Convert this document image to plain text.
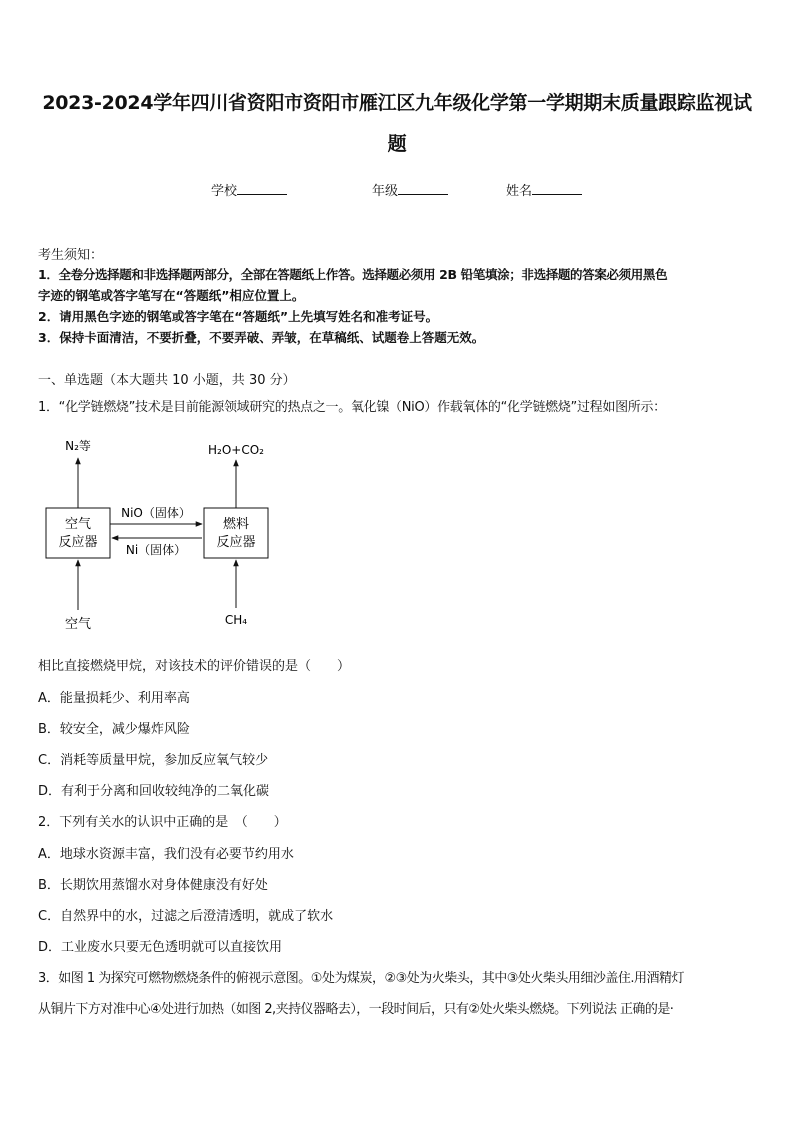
2023-2024学年四川省资阳市资阳市雁江区九年级化学第一学期期末质量跟踪监视试
题
学校	年级	姓名
考生须知：
1．全卷分选择题和非选择题两部分，全部在答题纸上作答。选择题必须用 2B 铅笔填涂；非选择题的答案必须用黑色
字迹的钢笔或答字笔写在“答题纸”相应位置上。
2．请用黑色字迹的钢笔或答字笔在“答题纸”上先填写姓名和准考证号。
3．保持卡面清洁，不要折叠，不要弄破、弄皱，在草稿纸、试题卷上答题无效。
一、单选题（本大题共 10 小题，共 30 分）
1．“化学链燃烧”技术是目前能源领域研究的热点之一。氧化镍（NiO）作载氧体的“化学链燃烧”过程如图所示：
空气
反应器
燃料
反应器
N₂等	H₂O+CO₂
NiO（固体）
Ni（固体）
空气	CH₄
相比直接燃烧甲烷，对该技术的评价错误的是（　　）
A．能量损耗少、利用率高
B．较安全，减少爆炸风险
C．消耗等质量甲烷，参加反应氧气较少
D．有利于分离和回收较纯净的二氧化碳
2．下列有关水的认识中正确的是　（　　）
A．地球水资源丰富，我们没有必要节约用水
B．长期饮用蒸馏水对身体健康没有好处
C．自然界中的水，过滤之后澄清透明，就成了软水
D．工业废水只要无色透明就可以直接饮用
3．如图 1 为探究可燃物燃烧条件的俯视示意图。①处为煤炭，②③处为火柴头，其中③处火柴头用细沙盖住.用酒精灯
从铜片下方对准中心④处进行加热（如图 2,夹持仪器略去），一段时间后，只有②处火柴头燃烧。下列说法 正确的是·
